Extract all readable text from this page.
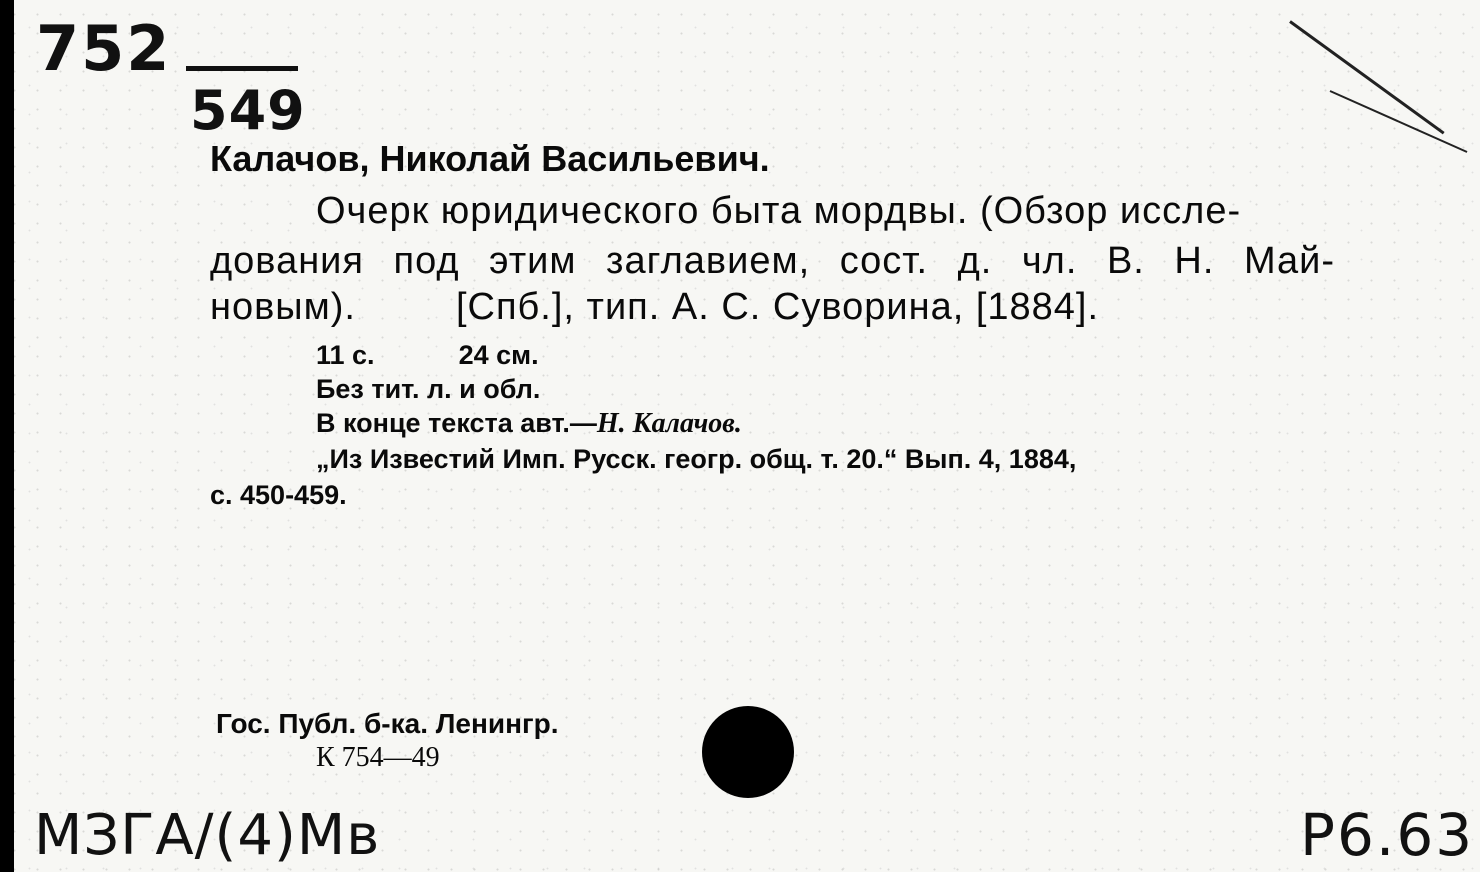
752
549
Калачов, Николай Васильевич.
Очерк юридического быта мордвы. (Обзор иссле-
дования под этим заглавием, сост. д. чл. В. Н. Май-
новым).	[Спб.], тип. А. С. Суворина, [1884].
11 с.	24 см.
Без тит. л. и обл.
В конце текста авт.—Н. Калачов.
„Из Известий Имп. Русск. геогр. общ. т. 20.“ Вып. 4, 1884,
с. 450-459.
Гос. Публ. б-ка. Ленингр.
К 754—49
МЗГА/(4)Мв	Р6.63
